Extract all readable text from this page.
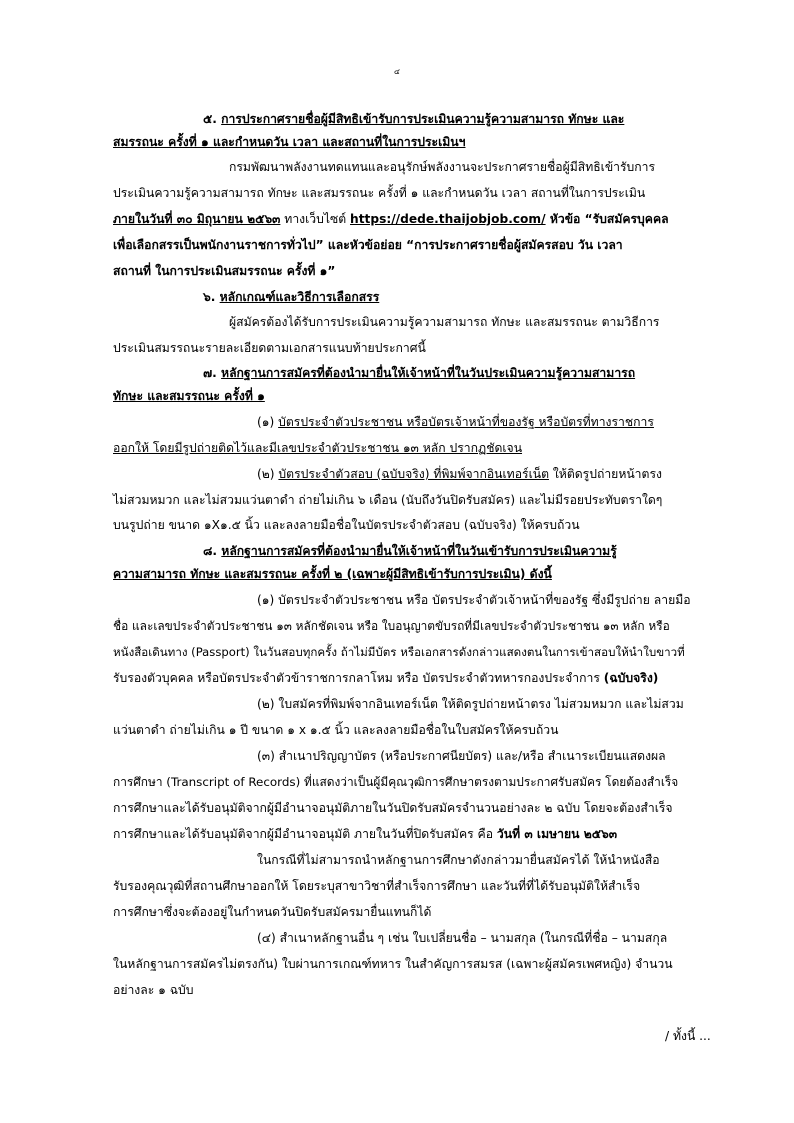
๔
๕. การประกาศรายชื่อผู้มีสิทธิเข้ารับการประเมินความรู้ความสามารถ ทักษะ และ
สมรรถนะ ครั้งที่ ๑ และกำหนดวัน เวลา และสถานที่ในการประเมินฯ
กรมพัฒนาพลังงานทดแทนและอนุรักษ์พลังงานจะประกาศรายชื่อผู้มีสิทธิเข้ารับการ
ประเมินความรู้ความสามารถ ทักษะ และสมรรถนะ ครั้งที่ ๑ และกำหนดวัน เวลา สถานที่ในการประเมิน
ภายในวันที่ ๓๐ มิถุนายน ๒๕๖๓ ทางเว็บไซต์ https://dede.thaijobjob.com/ หัวข้อ “รับสมัครบุคคล
เพื่อเลือกสรรเป็นพนักงานราชการทั่วไป” และหัวข้อย่อย “การประกาศรายชื่อผู้สมัครสอบ วัน เวลา
สถานที่ ในการประเมินสมรรถนะ ครั้งที่ ๑”
๖. หลักเกณฑ์และวิธีการเลือกสรร
ผู้สมัครต้องได้รับการประเมินความรู้ความสามารถ ทักษะ และสมรรถนะ ตามวิธีการ
ประเมินสมรรถนะรายละเอียดตามเอกสารแนบท้ายประกาศนี้
๗. หลักฐานการสมัครที่ต้องนำมายื่นให้เจ้าหน้าที่ในวันประเมินความรู้ความสามารถ
ทักษะ และสมรรถนะ ครั้งที่ ๑
(๑) บัตรประจำตัวประชาชน หรือบัตรเจ้าหน้าที่ของรัฐ หรือบัตรที่ทางราชการ
ออกให้ โดยมีรูปถ่ายติดไว้และมีเลขประจำตัวประชาชน ๑๓ หลัก ปรากฏชัดเจน
(๒) บัตรประจำตัวสอบ (ฉบับจริง) ที่พิมพ์จากอินเทอร์เน็ต ให้ติดรูปถ่ายหน้าตรง
ไม่สวมหมวก และไม่สวมแว่นตาดำ ถ่ายไม่เกิน ๖ เดือน (นับถึงวันปิดรับสมัคร) และไม่มีรอยประทับตราใดๆ
บนรูปถ่าย ขนาด ๑X๑.๕ นิ้ว และลงลายมือชื่อในบัตรประจำตัวสอบ (ฉบับจริง) ให้ครบถ้วน
๘. หลักฐานการสมัครที่ต้องนำมายื่นให้เจ้าหน้าที่ในวันเข้ารับการประเมินความรู้
ความสามารถ ทักษะ และสมรรถนะ ครั้งที่ ๒ (เฉพาะผู้มีสิทธิเข้ารับการประเมิน) ดังนี้
(๑) บัตรประจำตัวประชาชน หรือ บัตรประจำตัวเจ้าหน้าที่ของรัฐ ซึ่งมีรูปถ่าย ลายมือ
ชื่อ และเลขประจำตัวประชาชน ๑๓ หลักชัดเจน หรือ ใบอนุญาตขับรถที่มีเลขประจำตัวประชาชน ๑๓ หลัก หรือ
หนังสือเดินทาง (Passport) ในวันสอบทุกครั้ง ถ้าไม่มีบัตร หรือเอกสารดังกล่าวแสดงตนในการเข้าสอบให้นำใบขาวที่
รับรองตัวบุคคล หรือบัตรประจำตัวข้าราชการกลาโหม หรือ บัตรประจำตัวทหารกองประจำการ (ฉบับจริง)
(๒) ใบสมัครที่พิมพ์จากอินเทอร์เน็ต ให้ติดรูปถ่ายหน้าตรง ไม่สวมหมวก และไม่สวม
แว่นตาดำ ถ่ายไม่เกิน ๑ ปี ขนาด ๑ x ๑.๕ นิ้ว และลงลายมือชื่อในใบสมัครให้ครบถ้วน
(๓) สำเนาปริญญาบัตร (หรือประกาศนียบัตร) และ/หรือ สำเนาระเบียนแสดงผล
การศึกษา (Transcript of Records) ที่แสดงว่าเป็นผู้มีคุณวุฒิการศึกษาตรงตามประกาศรับสมัคร โดยต้องสำเร็จ
การศึกษาและได้รับอนุมัติจากผู้มีอำนาจอนุมัติภายในวันปิดรับสมัครจำนวนอย่างละ ๒ ฉบับ โดยจะต้องสำเร็จ
การศึกษาและได้รับอนุมัติจากผู้มีอำนาจอนุมัติ ภายในวันที่ปิดรับสมัคร คือ วันที่ ๓ เมษายน ๒๕๖๓
ในกรณีที่ไม่สามารถนำหลักฐานการศึกษาดังกล่าวมายื่นสมัครได้ ให้นำหนังสือ
รับรองคุณวุฒิที่สถานศึกษาออกให้ โดยระบุสาขาวิชาที่สำเร็จการศึกษา และวันที่ที่ได้รับอนุมัติให้สำเร็จ
การศึกษาซึ่งจะต้องอยู่ในกำหนดวันปิดรับสมัครมายื่นแทนก็ได้
(๔) สำเนาหลักฐานอื่น ๆ เช่น ใบเปลี่ยนชื่อ – นามสกุล (ในกรณีที่ชื่อ – นามสกุล
ในหลักฐานการสมัครไม่ตรงกัน) ใบผ่านการเกณฑ์ทหาร ในสำคัญการสมรส (เฉพาะผู้สมัครเพศหญิง) จำนวน
อย่างละ ๑ ฉบับ
/ ทั้งนี้ ...
